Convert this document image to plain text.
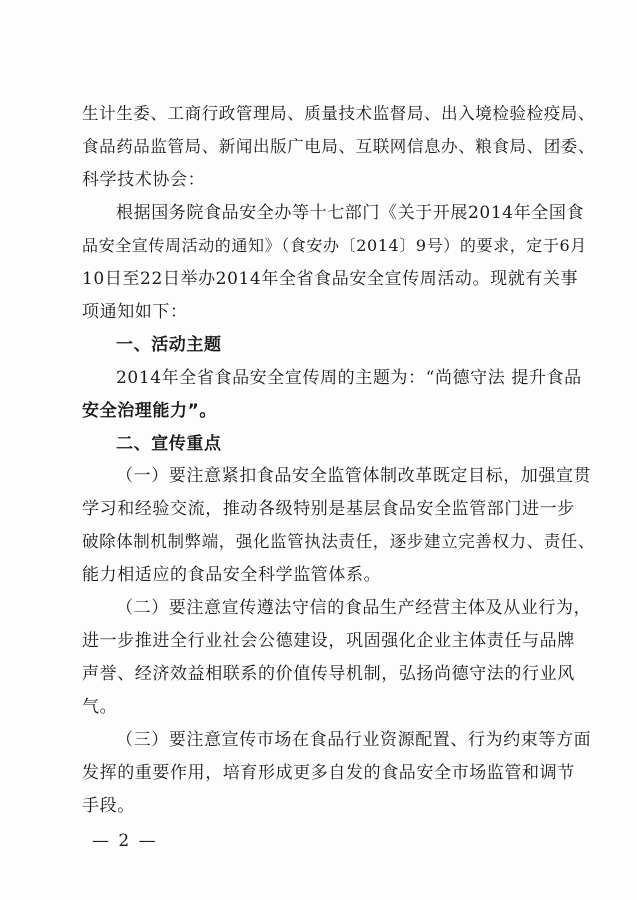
生计生委、工商行政管理局、质量技术监督局、出入境检验检疫局、
食品药品监管局、新闻出版广电局、互联网信息办、粮食局、团委、
科学技术协会：
根据国务院食品安全办等十七部门《关于开展2014年全国食
品安全宣传周活动的通知》（食安办〔2014〕9号）的要求，定于6月
10日至22日举办2014年全省食品安全宣传周活动。现就有关事
项通知如下：
一、活动主题
2014年全省食品安全宣传周的主题为：“尚德守法 提升食品
安全治理能力”。
二、宣传重点
（一）要注意紧扣食品安全监管体制改革既定目标，加强宣贯
学习和经验交流，推动各级特别是基层食品安全监管部门进一步
破除体制机制弊端，强化监管执法责任，逐步建立完善权力、责任、
能力相适应的食品安全科学监管体系。
（二）要注意宣传遵法守信的食品生产经营主体及从业行为，
进一步推进全行业社会公德建设，巩固强化企业主体责任与品牌
声誉、经济效益相联系的价值传导机制，弘扬尚德守法的行业风
气。
（三）要注意宣传市场在食品行业资源配置、行为约束等方面
发挥的重要作用，培育形成更多自发的食品安全市场监管和调节
手段。
— 2 —
